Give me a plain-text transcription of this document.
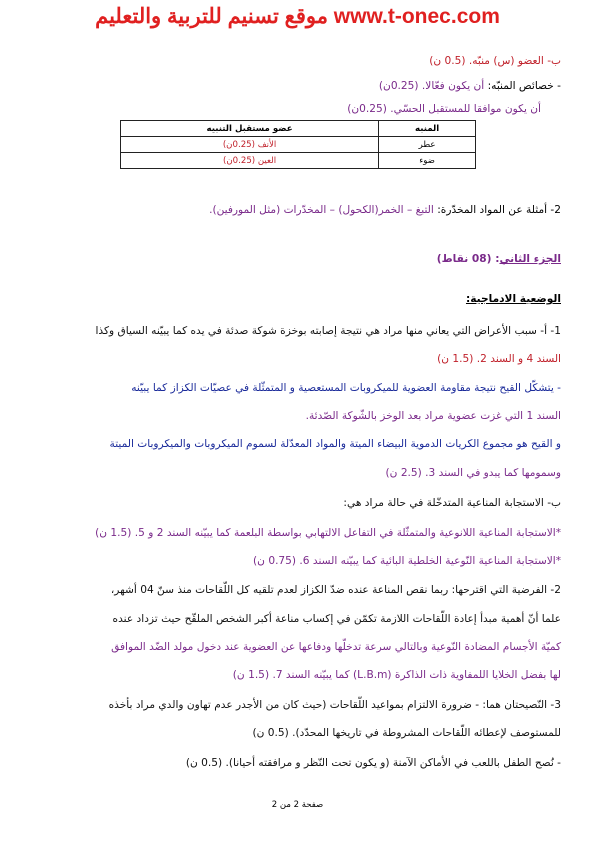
موقع تسنيم للتربية والتعليم www.t-onec.com
ب- العضو (س) منبّه. (0.5 ن)
- خصائص المنبّه: أن يكون فعّالا. (0.25ن)
أن يكون موافقا للمستقبل الحسّي. (0.25ن)
المنبه	عضو مستقبل التنبيه
عطر	الأنف (0.25ن)
ضوء	العين (0.25ن)
2- أمثلة عن المواد المخدّرة: التبغ – الخمر(الكحول) – المخدّرات (مثل المورفين).
الجزء الثاني: (08 نقاط)
الوضعية الادماجية:
1- أ- سبب الأعراض التي يعاني منها مراد هي نتيجة إصابته بوخزة شوكة صدئة في يده كما يبيّنه السياق وكذا
السند 4 و السند 2. (1.5 ن)
- يتشكّل القيح نتيجة مقاومة العضوية للميكروبات المستعصية و المتمثّلة في عصيّات الكزاز كما يبيّنه
السند 1 التي غزت عضوية مراد بعد الوخز بالشّوكة الصّدئة.
و القيح هو مجموع الكريات الدموية البيضاء الميتة والمواد المعدّلة لسموم الميكروبات والميكروبات الميتة
وسمومها كما يبدو في السند 3. (2.5 ن)
ب- الاستجابة المناعية المتدخّلة في حالة مراد هي:
*الاستجابة المناعية اللانوعية والمتمثّلة في التفاعل الالتهابي بواسطة البلعمة كما يبيّنه السند 2 و 5. (1.5 ن)
*الاستجابة المناعية النّوعية الخلطية البائية كما يبيّنه السند 6. (0.75 ن)
2- الفرضية التي اقترحها: ربما نقص المناعة عنده ضدّ الكزاز لعدم تلقيه كل اللّقاحات منذ سنّ 04 أشهر،
علما أنّ أهمية مبدأ إعادة اللّقاحات اللازمة تكمّن في إكساب مناعة أكبر الشخص الملقّح حيث تزداد عنده
كميّة الأجسام المضادة النّوعية وبالتالي سرعة تدخلّها ودفاعها عن العضوية عند دخول مولد الضّد الموافق
لها بفضل الخلايا اللمفاوية ذات الذاكرة (L.B.m) كما يبيّنه السند 7. (1.5 ن)
3- النّصيحتان هما: - ضرورة الالتزام بمواعيد اللّقاحات (حيث كان من الأجدر عدم تهاون والدي مراد بأخذه
للمستوصف لإعطائه اللّقاحات المشروطة في تاريخها المحدّد). (0.5 ن)
- نُصح الطفل باللعب في الأماكن الآمنة (و يكون تحت النّظر و مرافقته أحيانا). (0.5 ن)
صفحة 2 من 2
